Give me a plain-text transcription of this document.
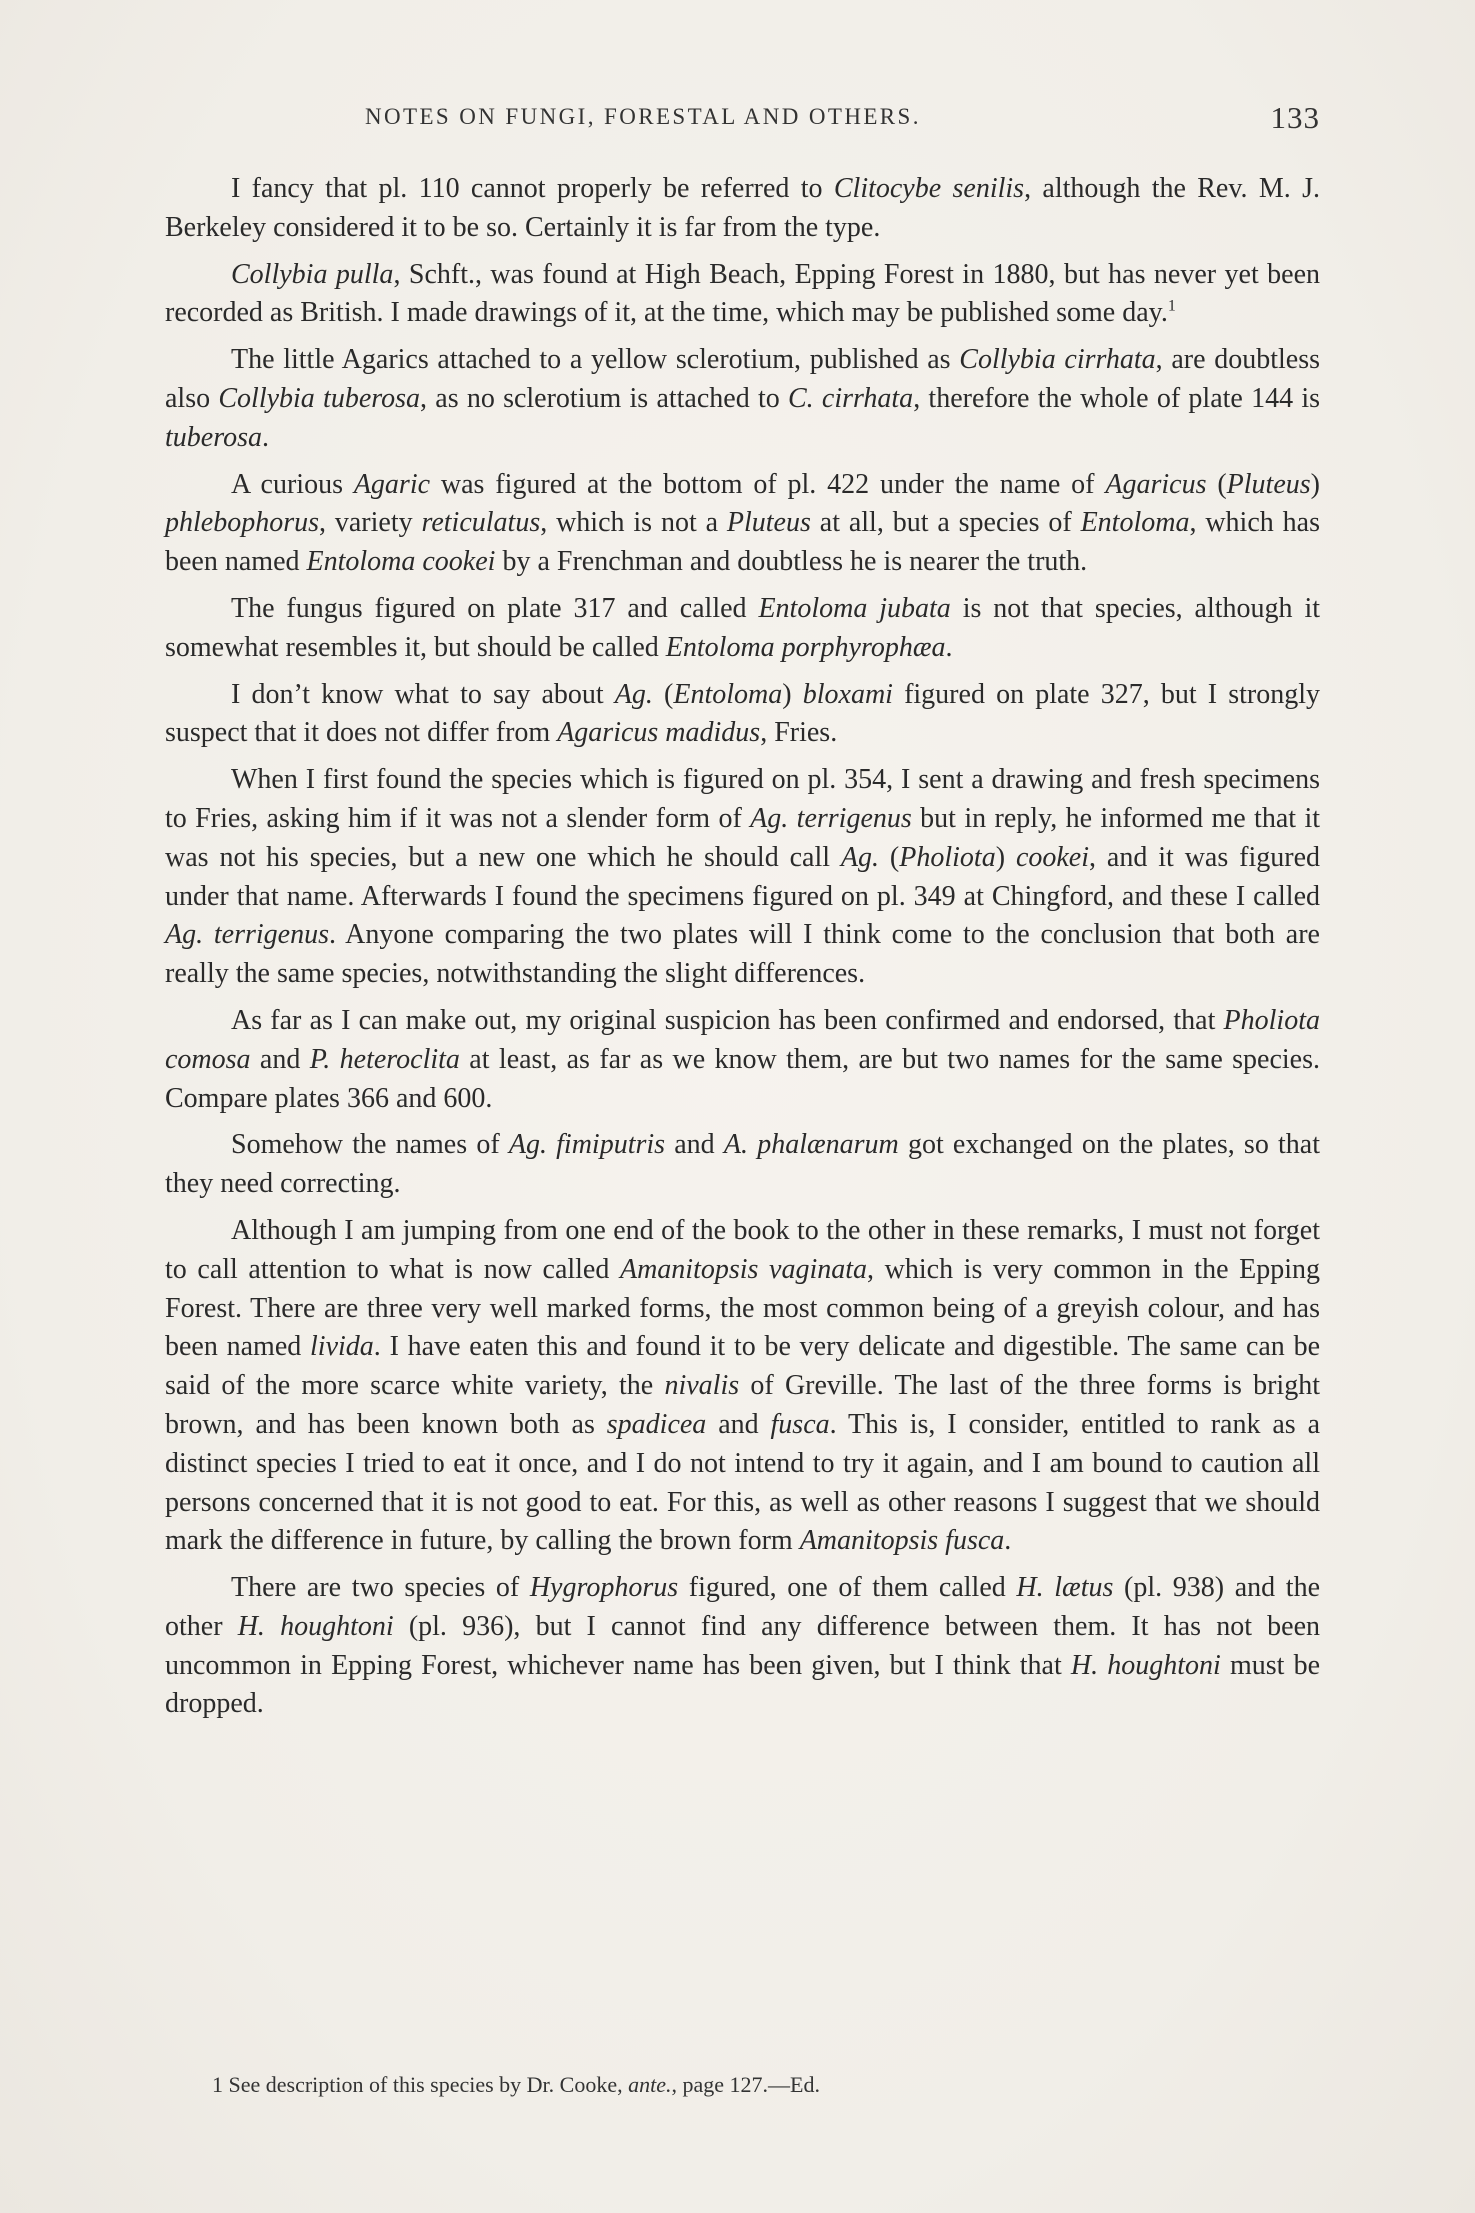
NOTES ON FUNGI, FORESTAL AND OTHERS.	133

I fancy that pl. 110 cannot properly be referred to Clitocybe senilis, although the Rev. M. J. Berkeley considered it to be so. Certainly it is far from the type.

Collybia pulla, Schft., was found at High Beach, Epping Forest in 1880, but has never yet been recorded as British. I made drawings of it, at the time, which may be published some day.$^1$

The little Agarics attached to a yellow sclerotium, published as Collybia cirrhata, are doubtless also Collybia tuberosa, as no sclerotium is attached to C. cirrhata, therefore the whole of plate 144 is tuberosa.

A curious Agaric was figured at the bottom of pl. 422 under the name of Agaricus (Pluteus) phlebophorus, variety reticulatus, which is not a Pluteus at all, but a species of Entoloma, which has been named Entoloma cookei by a Frenchman and doubtless he is nearer the truth.

The fungus figured on plate 317 and called Entoloma jubata is not that species, although it somewhat resembles it, but should be called Entoloma porphyrophæa.

I don’t know what to say about Ag. (Entoloma) bloxami figured on plate 327, but I strongly suspect that it does not differ from Agaricus madidus, Fries.

When I first found the species which is figured on pl. 354, I sent a drawing and fresh specimens to Fries, asking him if it was not a slender form of Ag. terrigenus but in reply, he informed me that it was not his species, but a new one which he should call Ag. (Pholiota) cookei, and it was figured under that name. Afterwards I found the specimens figured on pl. 349 at Chingford, and these I called Ag. terrigenus. Anyone comparing the two plates will I think come to the conclusion that both are really the same species, notwithstanding the slight differences.

As far as I can make out, my original suspicion has been confirmed and endorsed, that Pholiota comosa and P. heteroclita at least, as far as we know them, are but two names for the same species. Compare plates 366 and 600.

Somehow the names of Ag. fimiputris and A. phalænarum got exchanged on the plates, so that they need correcting.

Although I am jumping from one end of the book to the other in these remarks, I must not forget to call attention to what is now called Amanitopsis vaginata, which is very common in the Epping Forest. There are three very well marked forms, the most common being of a greyish colour, and has been named livida. I have eaten this and found it to be very delicate and digestible. The same can be said of the more scarce white variety, the nivalis of Greville. The last of the three forms is bright brown, and has been known both as spadicea and fusca. This is, I consider, entitled to rank as a distinct species I tried to eat it once, and I do not intend to try it again, and I am bound to caution all persons concerned that it is not good to eat. For this, as well as other reasons I suggest that we should mark the difference in future, by calling the brown form Amanitopsis fusca.

There are two species of Hygrophorus figured, one of them called H. lætus (pl. 938) and the other H. houghtoni (pl. 936), but I cannot find any difference between them. It has not been uncommon in Epping Forest, whichever name has been given, but I think that H. houghtoni must be dropped.

1 See description of this species by Dr. Cooke, ante., page 127.—Ed.
